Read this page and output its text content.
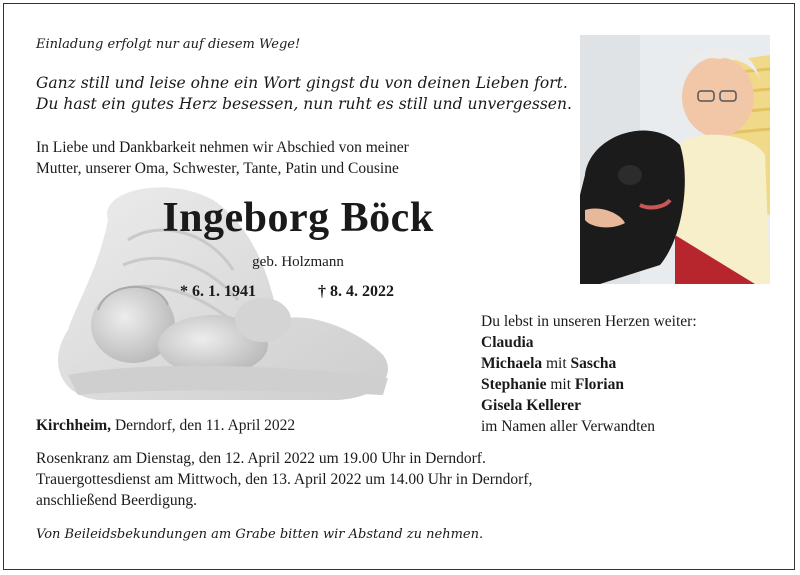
Einladung erfolgt nur auf diesem Wege!
Ganz still und leise ohne ein Wort gingst du von deinen Lieben fort.
Du hast ein gutes Herz besessen, nun ruht es still und unvergessen.
In Liebe und Dankbarkeit nehmen wir Abschied von meiner
Mutter, unserer Oma, Schwester, Tante, Patin und Cousine
Ingeborg Böck
geb. Holzmann
* 6. 1. 1941	† 8. 4. 2022
Du lebst in unseren Herzen weiter:
Claudia
Michaela mit Sascha
Stephanie mit Florian
Gisela Kellerer
im Namen aller Verwandten
Kirchheim, Derndorf, den 11. April 2022
Rosenkranz am Dienstag, den 12. April 2022 um 19.00 Uhr in Derndorf.
Trauergottesdienst am Mittwoch, den 13. April 2022 um 14.00 Uhr in Derndorf,
anschließend Beerdigung.
Von Beileidsbekundungen am Grabe bitten wir Abstand zu nehmen.
